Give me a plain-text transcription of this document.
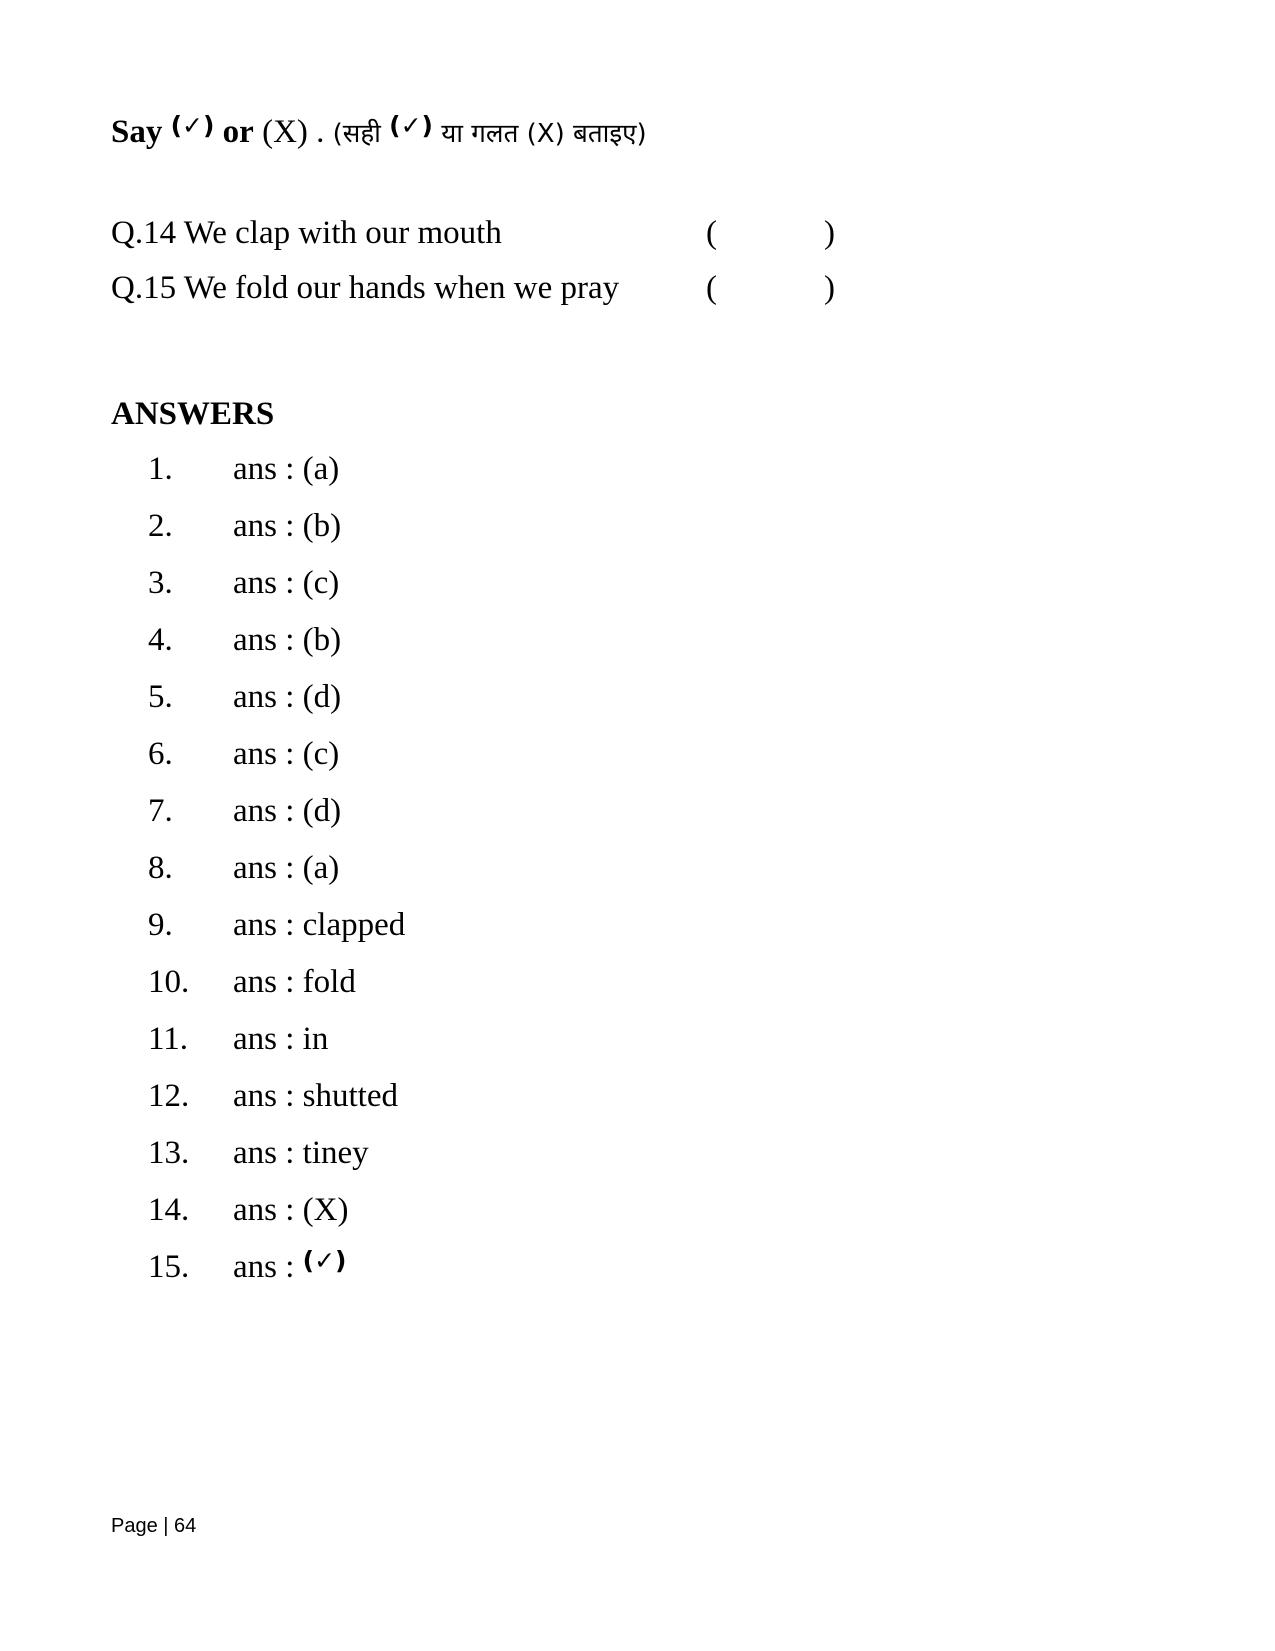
Say (✓) or (X) . (सही (✓) या गलत (X) बताइए)
Q.14 We clap with our mouth	(	)
Q.15 We fold our hands when we pray	(	)
ANSWERS
1. ans : (a)
2. ans : (b)
3. ans : (c)
4. ans : (b)
5. ans : (d)
6. ans : (c)
7. ans : (d)
8. ans : (a)
9. ans : clapped
10. ans : fold
11. ans : in
12. ans : shutted
13. ans : tiney
14. ans : (X)
15. ans : (✓)
Page | 64
